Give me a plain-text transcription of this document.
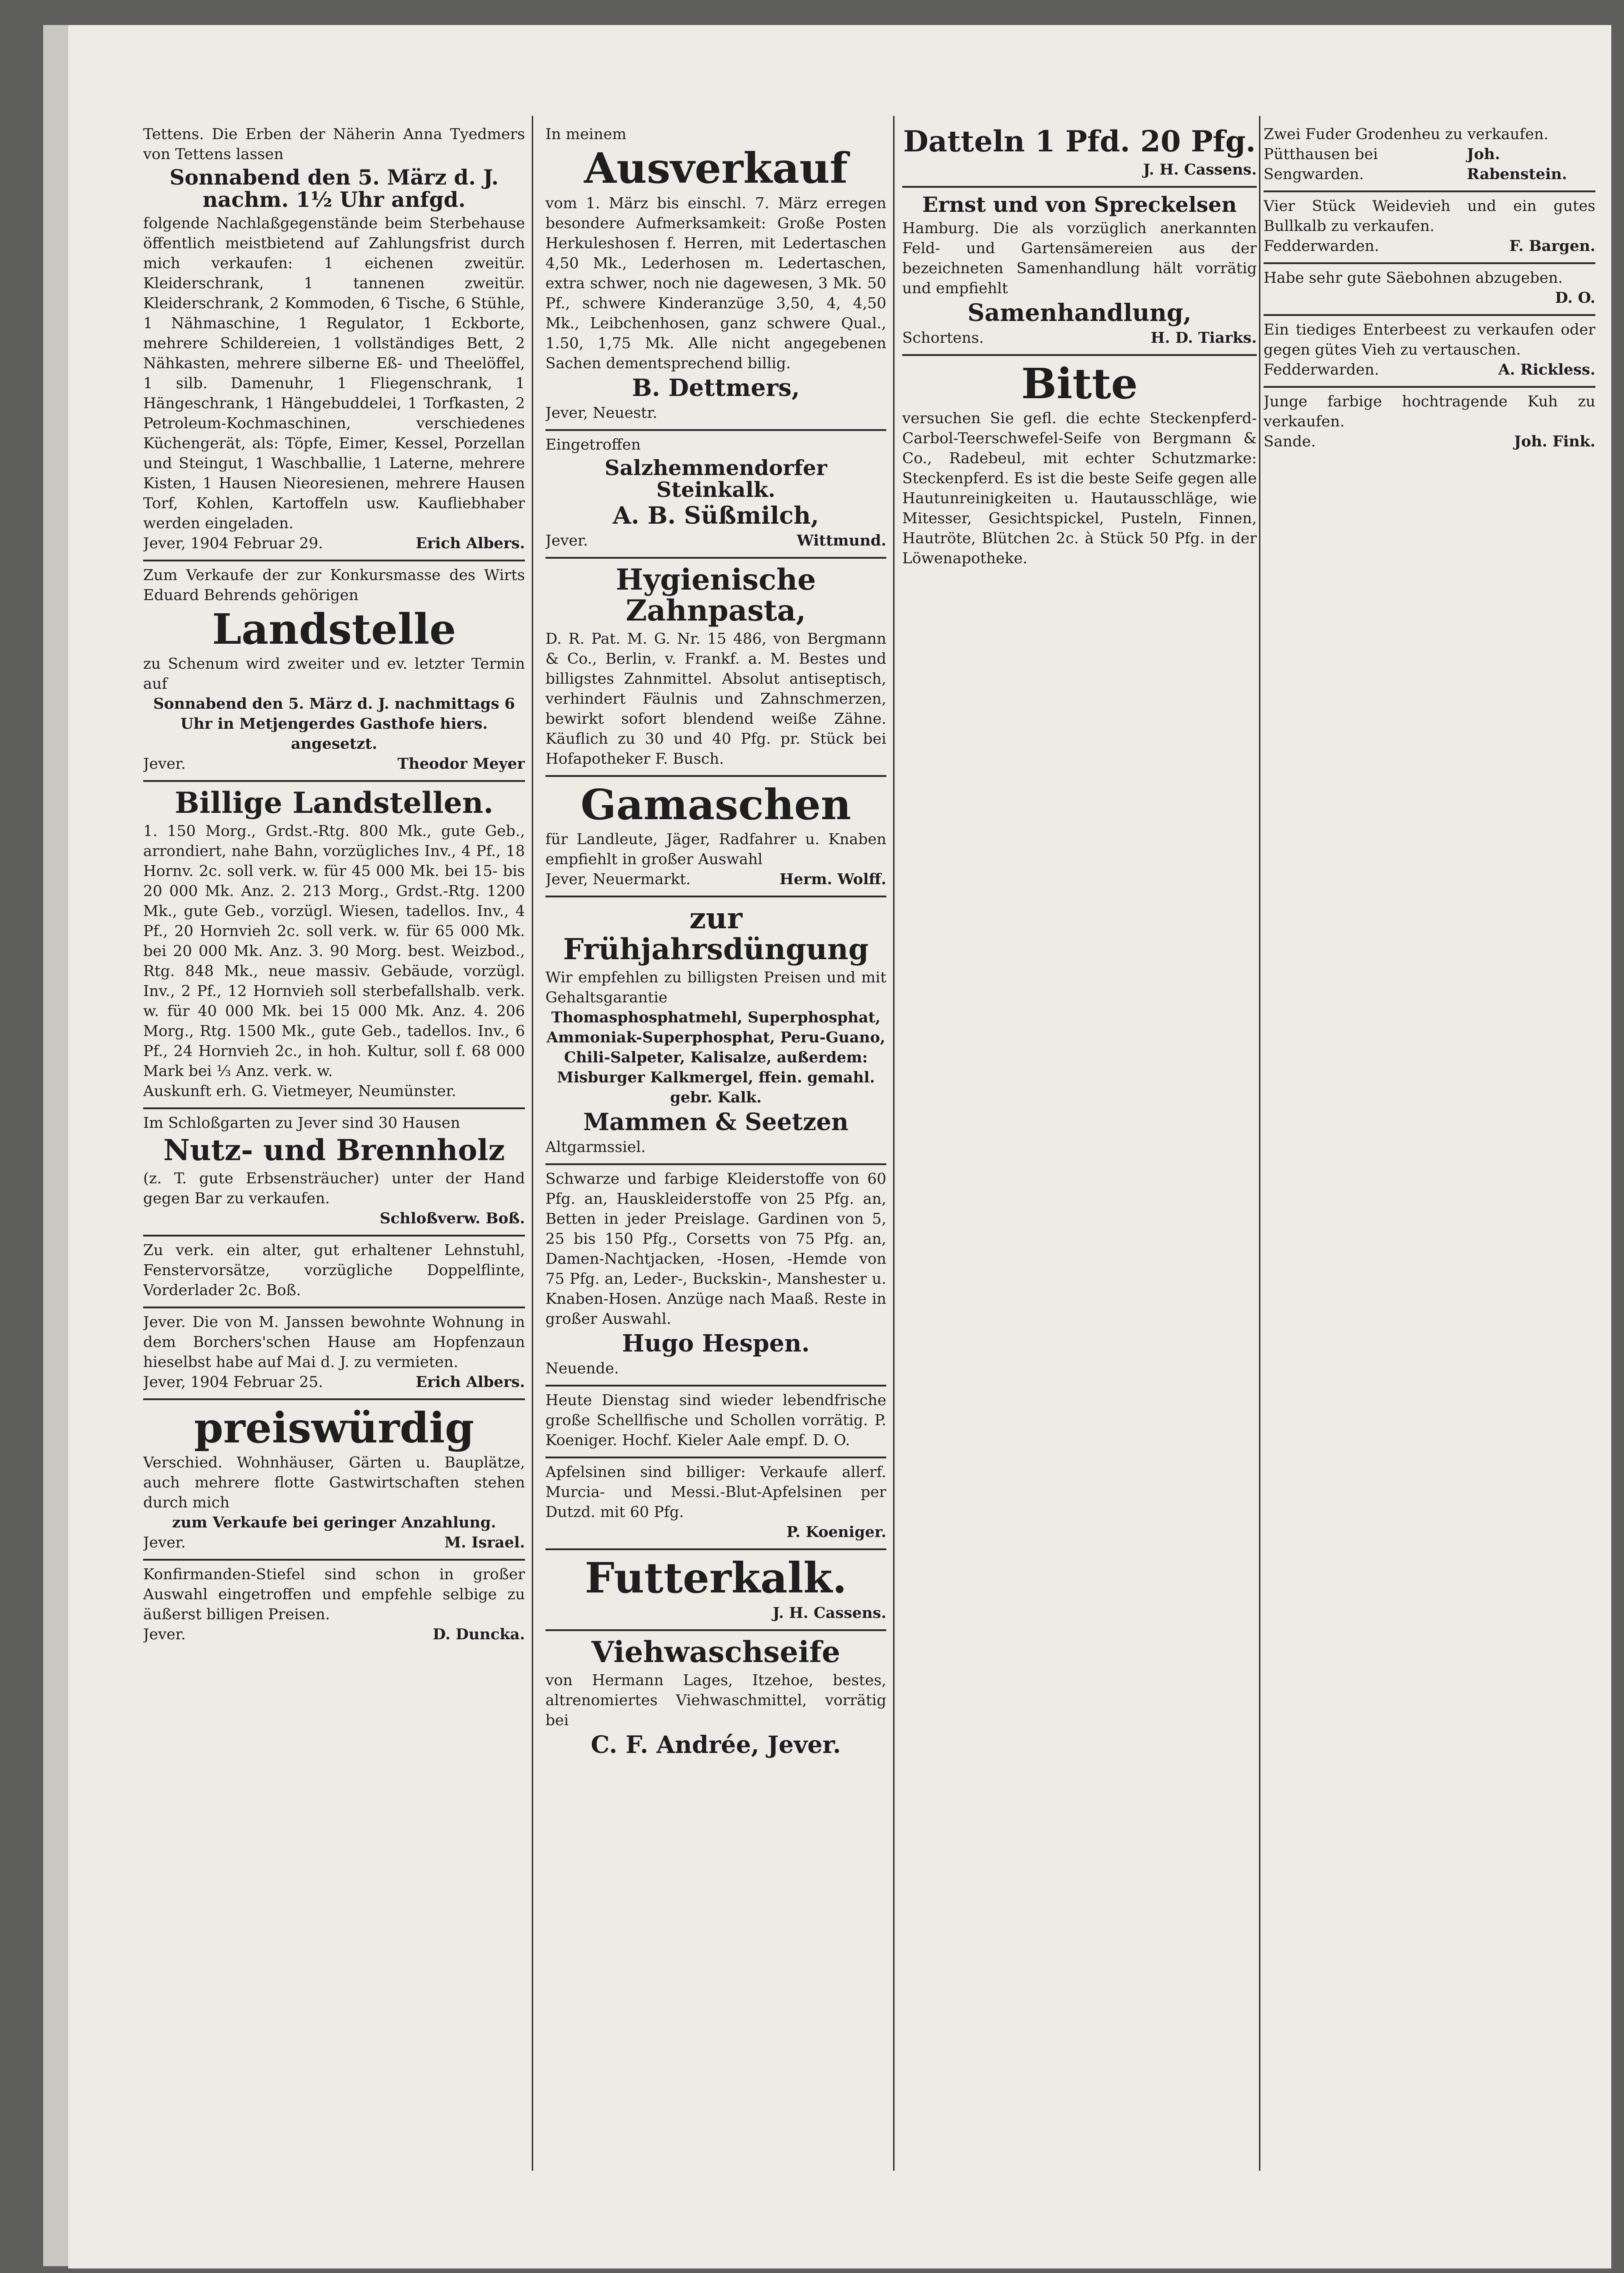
Tettens. Die Erben der Näherin Anna Tyedmers von Tettens lassen
Sonnabend den 5. März d. J. nachm. 1½ Uhr anfgd.
folgende Nachlaßgegenstände beim Sterbehause öffentlich meistbietend auf Zahlungsfrist durch mich verkaufen: 1 eichenen zweitür. Kleiderschrank, 1 tannenen zweitür. Kleiderschrank, 2 Kommoden, 6 Tische, 6 Stühle, 1 Nähmaschine, 1 Regulator, 1 Eckborte, mehrere Schildereien, 1 vollständiges Bett, 2 Nähkasten, mehrere silberne Eß- und Theelöffel, 1 silb. Damenuhr, 1 Fliegenschrank, 1 Hängeschrank, 1 Hängebuddelei, 1 Torfkasten, 2 Petroleum-Kochmaschinen, verschiedenes Küchengerät, als: Töpfe, Eimer, Kessel, Porzellan und Steingut, 1 Waschballie, 1 Laterne, mehrere Kisten, 1 Hausen Nieoresienen, mehrere Hausen Torf, Kohlen, Kartoffeln usw. Kaufliebhaber werden eingeladen.
Jever, 1904 Februar 29.	Erich Albers.
Zum Verkaufe der zur Konkursmasse des Wirts Eduard Behrends gehörigen
Landstelle
zu Schenum wird zweiter und ev. letzter Termin auf
Sonnabend den 5. März d. J. nachmittags 6 Uhr in Metjengerdes Gasthofe hiers. angesetzt.
Jever.	Theodor Meyer
Billige Landstellen.
1. 150 Morg., Grdst.-Rtg. 800 Mk., gute Geb., arrondiert, nahe Bahn, vorzügliches Inv., 4 Pf., 18 Hornv. 2c. soll verk. w. für 45 000 Mk. bei 15- bis 20 000 Mk. Anz. 2. 213 Morg., Grdst.-Rtg. 1200 Mk., gute Geb., vorzügl. Wiesen, tadellos. Inv., 4 Pf., 20 Hornvieh 2c. soll verk. w. für 65 000 Mk. bei 20 000 Mk. Anz. 3. 90 Morg. best. Weizbod., Rtg. 848 Mk., neue massiv. Gebäude, vorzügl. Inv., 2 Pf., 12 Hornvieh soll sterbefallshalb. verk. w. für 40 000 Mk. bei 15 000 Mk. Anz. 4. 206 Morg., Rtg. 1500 Mk., gute Geb., tadellos. Inv., 6 Pf., 24 Hornvieh 2c., in hoh. Kultur, soll f. 68 000 Mark bei ⅓ Anz. verk. w.
Auskunft erh. G. Vietmeyer, Neumünster.
Im Schloßgarten zu Jever sind 30 Hausen
Nutz- und Brennholz
(z. T. gute Erbsensträucher) unter der Hand gegen Bar zu verkaufen.
Schloßverw. Boß.
Zu verk. ein alter, gut erhaltener Lehnstuhl, Fenstervorsätze, vorzügliche Doppelflinte, Vorderlader 2c. Boß.
Jever. Die von M. Janssen bewohnte Wohnung in dem Borchers'schen Hause am Hopfenzaun hieselbst habe auf Mai d. J. zu vermieten.
Jever, 1904 Februar 25.	Erich Albers.
preiswürdig
Verschied. Wohnhäuser, Gärten u. Bauplätze, auch mehrere flotte Gastwirtschaften stehen durch mich
zum Verkaufe bei geringer Anzahlung.
Jever.	M. Israel.
Konfirmanden-Stiefel sind schon in großer Auswahl eingetroffen und empfehle selbige zu äußerst billigen Preisen.
Jever.	D. Duncka.
In meinem
Ausverkauf
vom 1. März bis einschl. 7. März erregen besondere Aufmerksamkeit: Große Posten Herkuleshosen f. Herren, mit Ledertaschen 4,50 Mk., Lederhosen m. Ledertaschen, extra schwer, noch nie dagewesen, 3 Mk. 50 Pf., schwere Kinderanzüge 3,50, 4, 4,50 Mk., Leibchenhosen, ganz schwere Qual., 1.50, 1,75 Mk. Alle nicht angegebenen Sachen dementsprechend billig.
B. Dettmers,
Jever, Neuestr.
Eingetroffen
Salzhemmendorfer Steinkalk.
A. B. Süßmilch,
Jever.	Wittmund.
Hygienische Zahnpasta,
D. R. Pat. M. G. Nr. 15 486, von Bergmann & Co., Berlin, v. Frankf. a. M. Bestes und billigstes Zahnmittel. Absolut antiseptisch, verhindert Fäulnis und Zahnschmerzen, bewirkt sofort blendend weiße Zähne. Käuflich zu 30 und 40 Pfg. pr. Stück bei Hofapotheker F. Busch.
Gamaschen
für Landleute, Jäger, Radfahrer u. Knaben empfiehlt in großer Auswahl
Jever, Neuermarkt.	Herm. Wolff.
zur Frühjahrsdüngung
Wir empfehlen zu billigsten Preisen und mit Gehaltsgarantie
Thomasphosphatmehl, Superphosphat, Ammoniak-Superphosphat, Peru-Guano, Chili-Salpeter, Kalisalze, außerdem: Misburger Kalkmergel, ffein. gemahl. gebr. Kalk.
Mammen & Seetzen
Altgarmssiel.
Schwarze und farbige Kleiderstoffe von 60 Pfg. an, Hauskleiderstoffe von 25 Pfg. an, Betten in jeder Preislage. Gardinen von 5, 25 bis 150 Pfg., Corsetts von 75 Pfg. an, Damen-Nachtjacken, -Hosen, -Hemde von 75 Pfg. an, Leder-, Buckskin-, Manshester u. Knaben-Hosen. Anzüge nach Maaß. Reste in großer Auswahl.
Hugo Hespen.
Neuende.
Heute Dienstag sind wieder lebendfrische große Schellfische und Schollen vorrätig. P. Koeniger. Hochf. Kieler Aale empf. D. O.
Apfelsinen sind billiger: Verkaufe allerf. Murcia- und Messi.-Blut-Apfelsinen per Dutzd. mit 60 Pfg.
P. Koeniger.
Futterkalk.
J. H. Cassens.
Viehwaschseife
von Hermann Lages, Itzehoe, bestes, altrenomiertes Viehwaschmittel, vorrätig bei
C. F. Andrée, Jever.
Datteln 1 Pfd. 20 Pfg.
J. H. Cassens.
Ernst und von Spreckelsen
Hamburg. Die als vorzüglich anerkannten Feld- und Gartensämereien aus der bezeichneten Samenhandlung hält vorrätig und empfiehlt
Samenhandlung,
Schortens.	H. D. Tiarks.
Bitte
versuchen Sie gefl. die echte Steckenpferd-Carbol-Teerschwefel-Seife von Bergmann & Co., Radebeul, mit echter Schutzmarke: Steckenpferd. Es ist die beste Seife gegen alle Hautunreinigkeiten u. Hautausschläge, wie Mitesser, Gesichtspickel, Pusteln, Finnen, Hautröte, Blütchen 2c. à Stück 50 Pfg. in der Löwenapotheke.
Zwei Fuder Grodenheu zu verkaufen.
Pütthausen bei Sengwarden.
Joh. Rabenstein.
Vier Stück Weidevieh und ein gutes Bullkalb zu verkaufen.
Fedderwarden.	F. Bargen.
Habe sehr gute Säebohnen abzugeben.
D. O.
Ein tiediges Enterbeest zu verkaufen oder gegen gütes Vieh zu vertauschen.
Fedderwarden.	A. Rickless.
Junge farbige hochtragende Kuh zu verkaufen.
Sande.	Joh. Fink.
